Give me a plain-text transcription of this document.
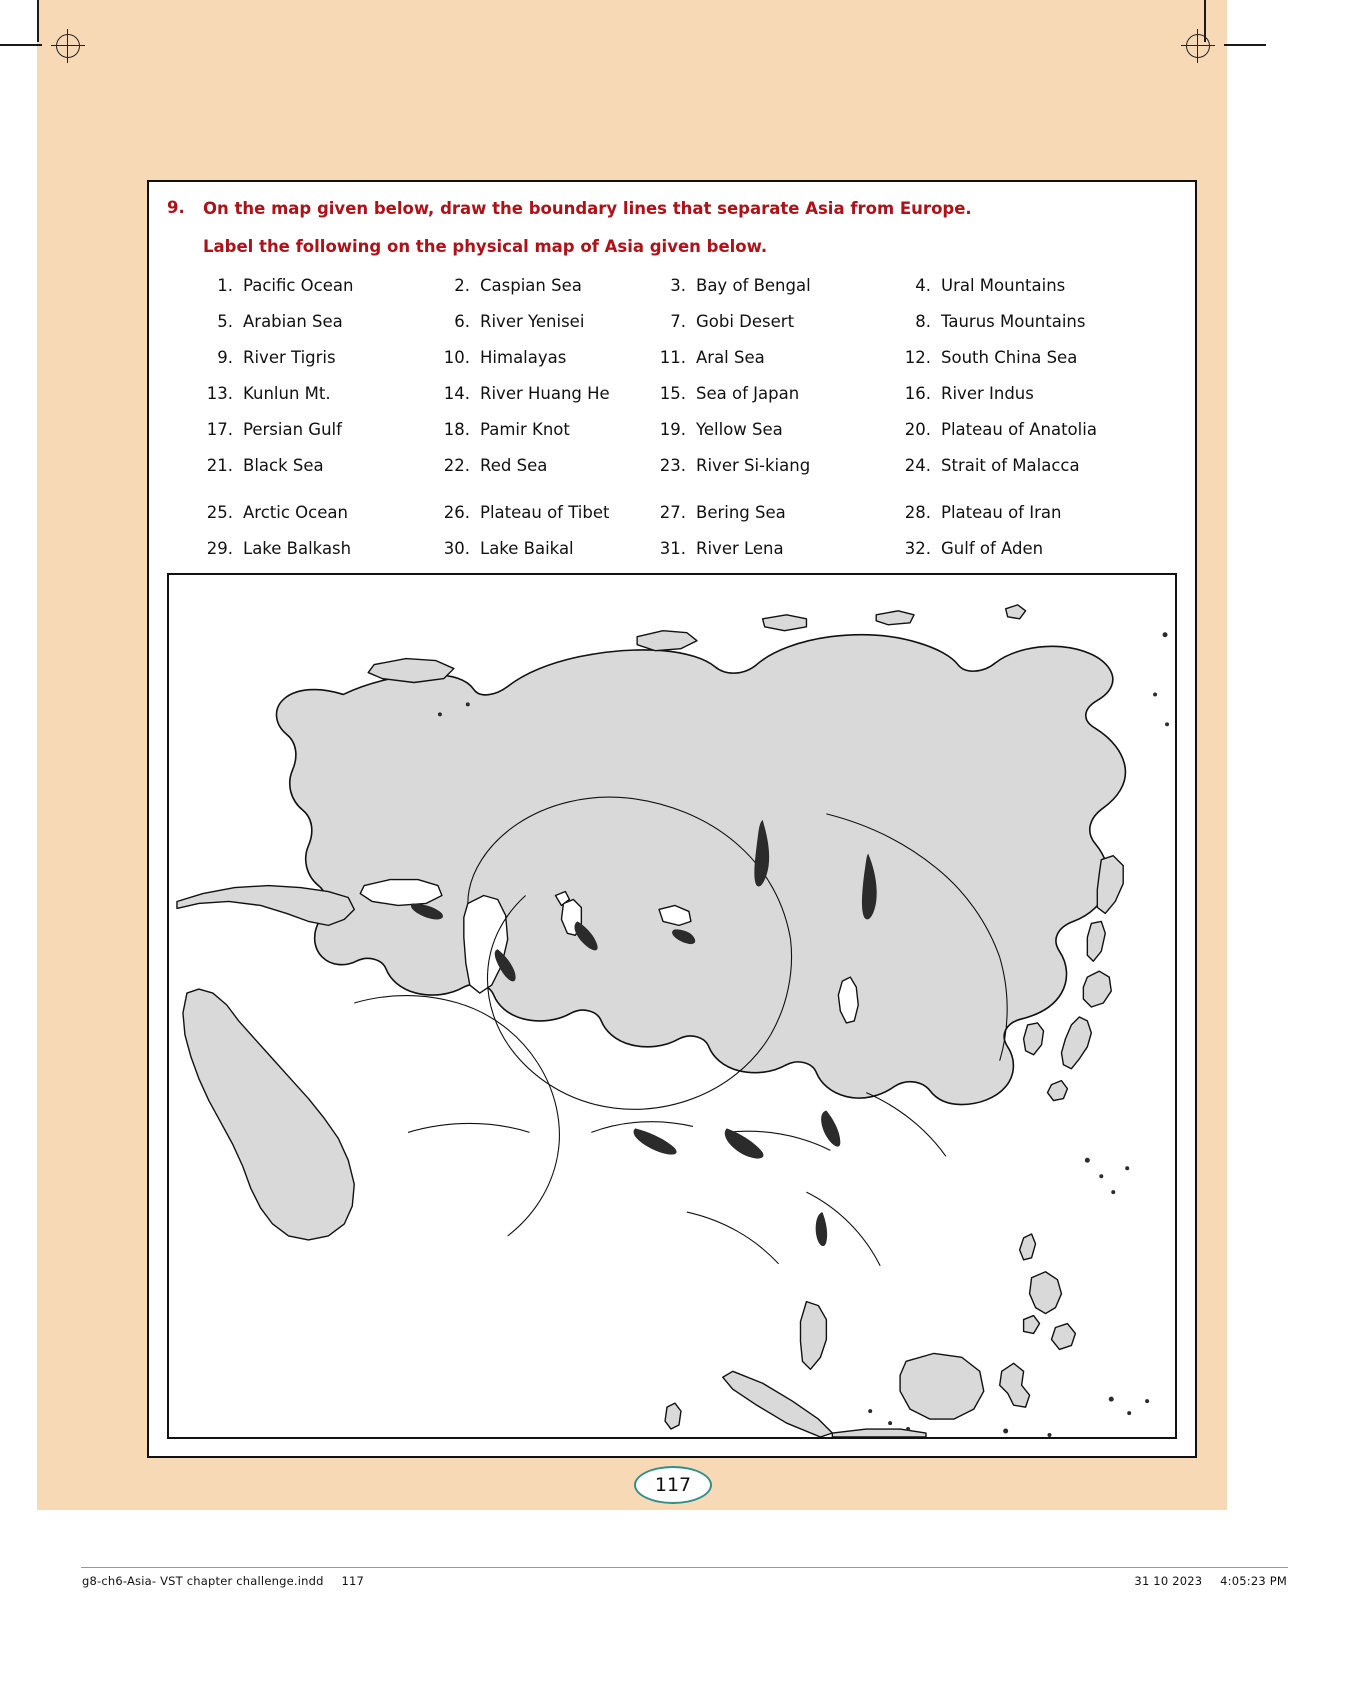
9.	On the map given below, draw the boundary lines that separate Asia from Europe.
Label the following on the physical map of Asia given below.
1. Pacific Ocean	2. Caspian Sea	3. Bay of Bengal	4. Ural Mountains
5. Arabian Sea	6. River Yenisei	7. Gobi Desert	8. Taurus Mountains
9. River Tigris	10. Himalayas	11. Aral Sea	12. South China Sea
13. Kunlun Mt.	14. River Huang He	15. Sea of Japan	16. River Indus
17. Persian Gulf	18. Pamir Knot	19. Yellow Sea	20. Plateau of Anatolia
21. Black Sea	22. Red Sea	23. River Si-kiang	24. Strait of Malacca
25. Arctic Ocean	26. Plateau of Tibet	27. Bering Sea	28. Plateau of Iran
29. Lake Balkash	30. Lake Baikal	31. River Lena	32. Gulf of Aden
117
g8-ch6-Asia- VST chapter challenge.indd 117	31 10 2023 4:05:23 PM
